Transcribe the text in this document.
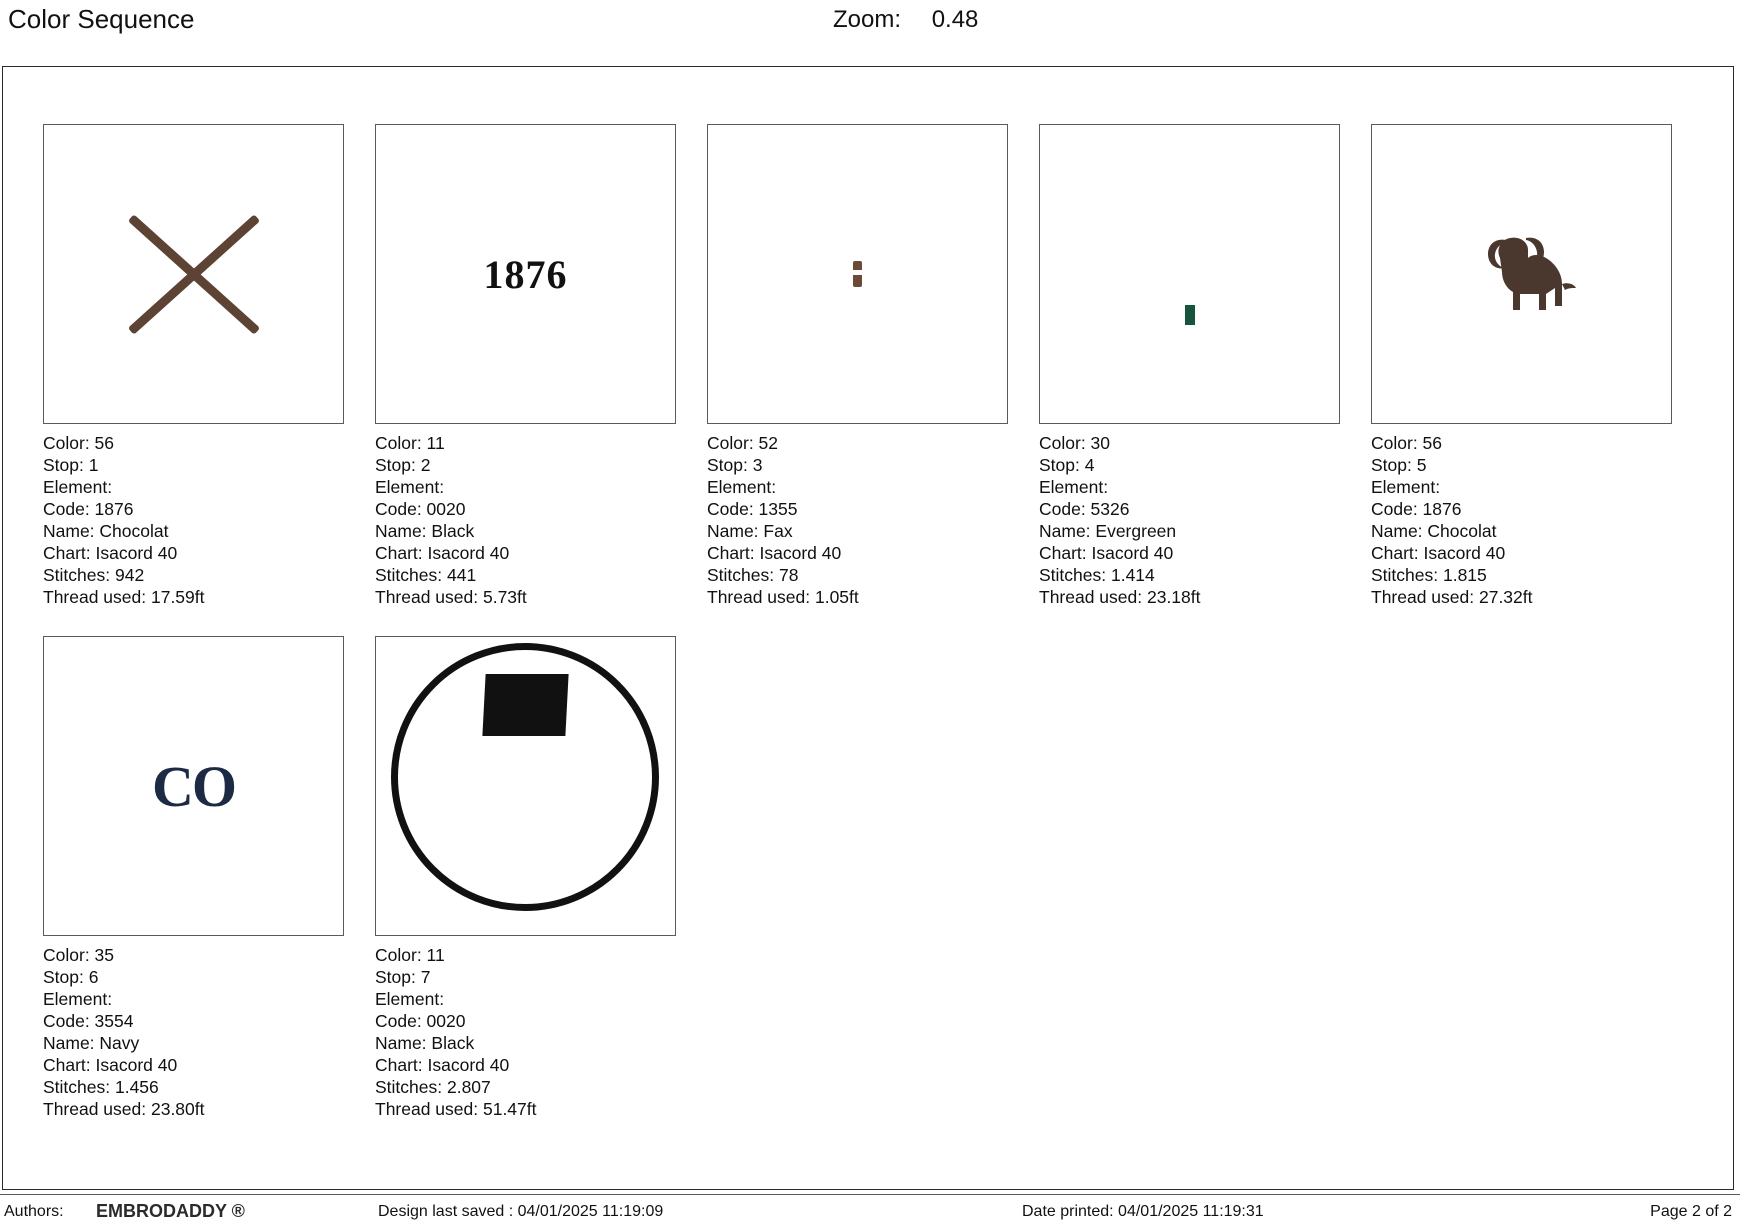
Color Sequence	Zoom: 0.48
Color: 56
Stop: 1
Element:
Code: 1876
Name: Chocolat
Chart: Isacord 40
Stitches: 942
Thread used: 17.59ft
1876
Color: 11
Stop: 2
Element:
Code: 0020
Name: Black
Chart: Isacord 40
Stitches: 441
Thread used: 5.73ft
Color: 52
Stop: 3
Element:
Code: 1355
Name: Fax
Chart: Isacord 40
Stitches: 78
Thread used: 1.05ft
Color: 30
Stop: 4
Element:
Code: 5326
Name: Evergreen
Chart: Isacord 40
Stitches: 1.414
Thread used: 23.18ft
Color: 56
Stop: 5
Element:
Code: 1876
Name: Chocolat
Chart: Isacord 40
Stitches: 1.815
Thread used: 27.32ft
CO
Color: 35
Stop: 6
Element:
Code: 3554
Name: Navy
Chart: Isacord 40
Stitches: 1.456
Thread used: 23.80ft
Color: 11
Stop: 7
Element:
Code: 0020
Name: Black
Chart: Isacord 40
Stitches: 2.807
Thread used: 51.47ft
Authors: EMBRODADDY ®	Design last saved : 04/01/2025 11:19:09	Date printed: 04/01/2025 11:19:31	Page 2 of 2
